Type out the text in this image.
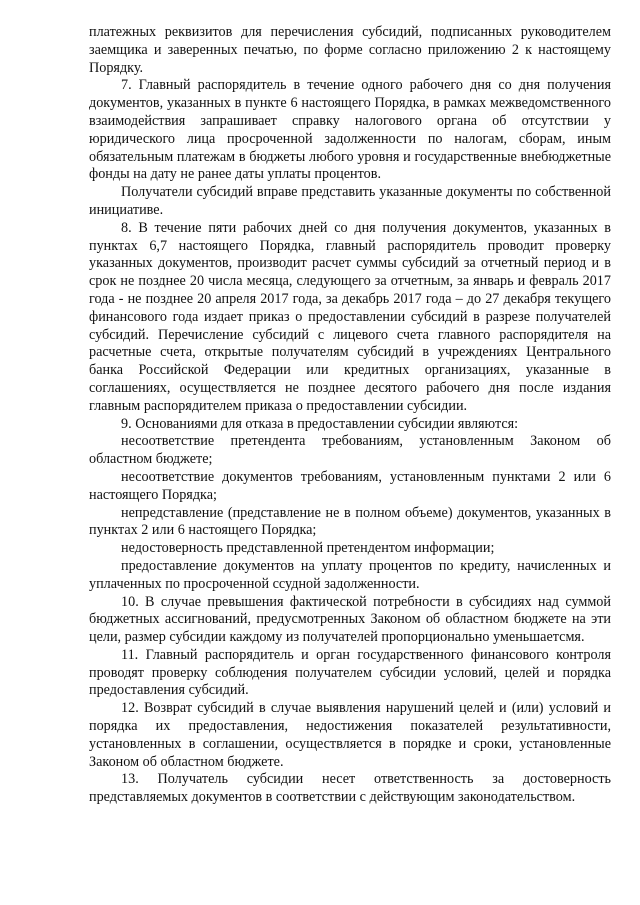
платежных реквизитов для перечисления субсидий, подписанных руководителем заемщика и заверенных печатью, по форме согласно приложению 2 к настоящему Порядку.

7. Главный распорядитель в течение одного рабочего дня со дня получения документов, указанных в пункте 6 настоящего Порядка, в рамках межведомственного взаимодействия запрашивает справку налогового органа об отсутствии у юридического лица просроченной задолженности по налогам, сборам, иным обязательным платежам в бюджеты любого уровня и государственные внебюджетные фонды на дату не ранее даты уплаты процентов.

Получатели субсидий вправе представить указанные документы по собственной инициативе.

8. В течение пяти рабочих дней со дня получения документов, указанных в пунктах 6,7 настоящего Порядка, главный распорядитель проводит проверку указанных документов, производит расчет суммы субсидий за отчетный период и в срок не позднее 20 числа месяца, следующего за отчетным, за январь и февраль 2017 года - не позднее 20 апреля 2017 года, за декабрь 2017 года – до 27 декабря текущего финансового года издает приказ о предоставлении субсидий в разрезе получателей субсидий. Перечисление субсидий с лицевого счета главного распорядителя на расчетные счета, открытые получателям субсидий в учреждениях Центрального банка Российской Федерации или кредитных организациях, указанные в соглашениях, осуществляется не позднее десятого рабочего дня после издания главным распорядителем приказа о предоставлении субсидии.

9. Основаниями для отказа в предоставлении субсидии являются:

несоответствие претендента требованиям, установленным Законом об областном бюджете;

несоответствие документов требованиям, установленным пунктами 2 или 6 настоящего Порядка;

непредставление (представление не в полном объеме) документов, указанных в пунктах 2 или 6 настоящего Порядка;

недостоверность представленной претендентом информации;

предоставление документов на уплату процентов по кредиту, начисленных и уплаченных по просроченной ссудной задолженности.

10. В случае превышения фактической потребности в субсидиях над суммой бюджетных ассигнований, предусмотренных Законом об областном бюджете на эти цели, размер субсидии каждому из получателей пропорционально уменьшаетсмя.

11. Главный распорядитель и орган государственного финансового контроля проводят проверку соблюдения получателем субсидии условий, целей и порядка предоставления субсидий.

12. Возврат субсидий в случае выявления нарушений целей и (или) условий и порядка их предоставления, недостижения показателей результативности, установленных в соглашении, осуществляется в порядке и сроки, установленные Законом об областном бюджете.

13. Получатель субсидии несет ответственность за достоверность представляемых документов в соответствии с действующим законодательством.
